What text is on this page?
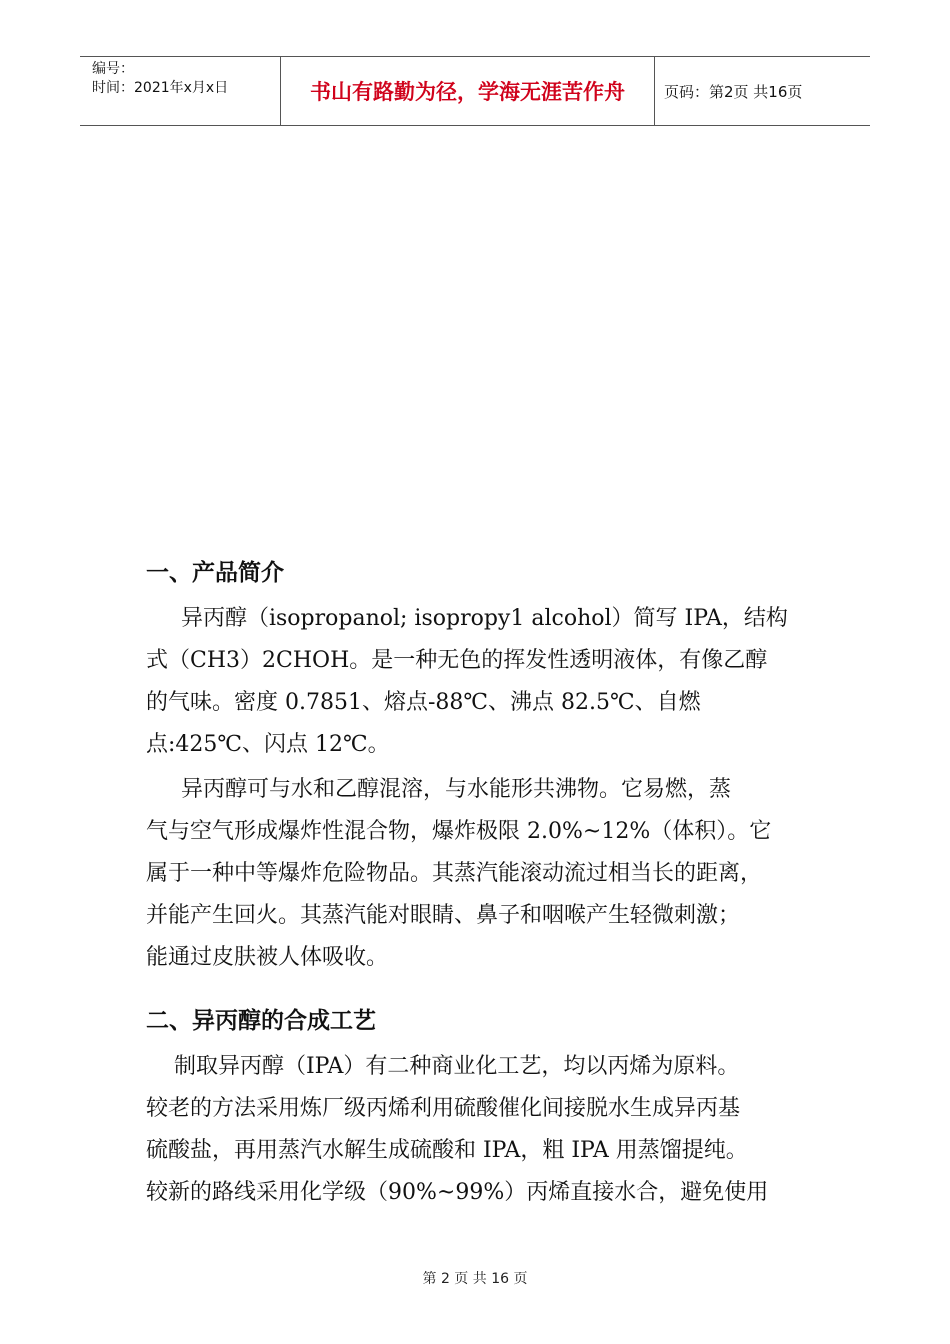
编号：
时间：2021年x月x日	书山有路勤为径，学海无涯苦作舟	页码：第2页 共16页
一、产品简介
异丙醇（isopropanol; isopropy1 alcohol）简写 IPA，结构
式（CH3）2CHOH。是一种无色的挥发性透明液体，有像乙醇
的气味。密度 0.7851、熔点-88℃、沸点 82.5℃、自燃
点:425℃、闪点 12℃。
异丙醇可与水和乙醇混溶，与水能形共沸物。它易燃，蒸
气与空气形成爆炸性混合物，爆炸极限 2.0%~12%（体积）。它
属于一种中等爆炸危险物品。其蒸汽能滚动流过相当长的距离，
并能产生回火。其蒸汽能对眼睛、鼻子和咽喉产生轻微刺激；
能通过皮肤被人体吸收。
二、异丙醇的合成工艺
制取异丙醇（IPA）有二种商业化工艺，均以丙烯为原料。
较老的方法采用炼厂级丙烯利用硫酸催化间接脱水生成异丙基
硫酸盐，再用蒸汽水解生成硫酸和 IPA，粗 IPA 用蒸馏提纯。
较新的路线采用化学级（90%~99%）丙烯直接水合，避免使用
第 2 页 共 16 页
